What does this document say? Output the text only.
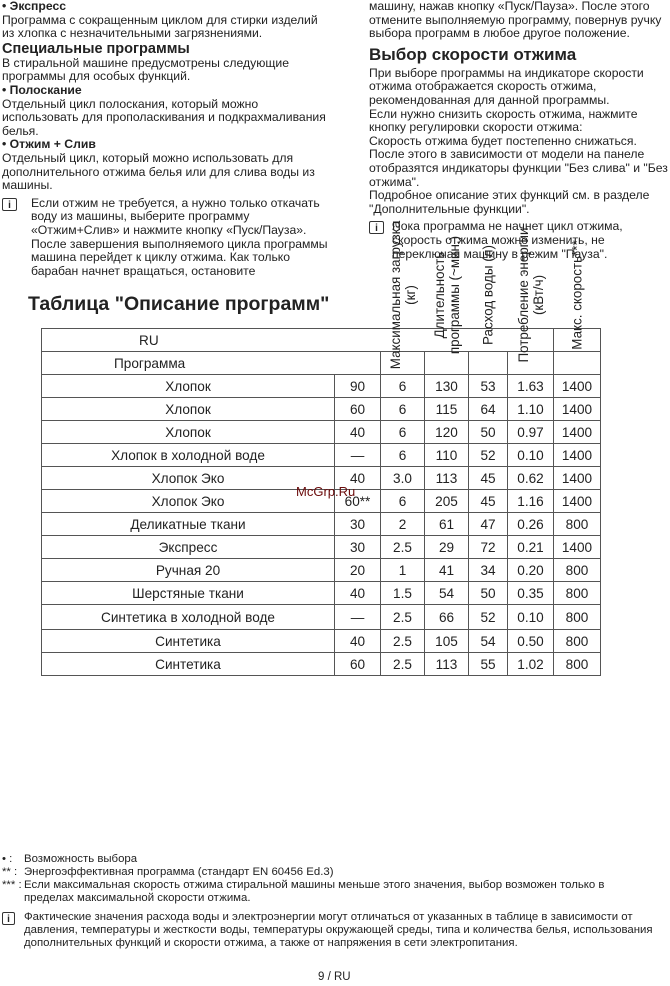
• Экспресс

Программа с сокращенным циклом для стирки изделий из хлопка с незначительными загрязнениями.

Специальные программы

В стиральной машине предусмотрены следующие программы для особых функций.

• Полоскание

Отдельный цикл полоскания, который можно использовать для прополаскивания и подкрахмаливания белья.

• Отжим + Слив

Отдельный цикл, который можно использовать для дополнительного отжима белья или для слива воды из машины.

i	Если отжим не требуется, а нужно только откачать воду из машины, выберите программу «Отжим+Слив» и нажмите кнопку «Пуск/Пауза». После завершения выполняемого цикла программы машина перейдет к циклу отжима. Как только барабан начнет вращаться, остановите

машину, нажав кнопку «Пуск/Пауза». После этого отмените выполняемую программу, повернув ручку выбора программ в любое другое положение.

Выбор скорости отжима

При выборе программы на индикаторе скорости отжима отображается скорость отжима, рекомендованная для данной программы.

Если нужно снизить скорость отжима, нажмите кнопку регулировки скорости отжима:

Скорость отжима будет постепенно снижаться. После этого в зависимости от модели на панеле отобразятся индикаторы функции "Без слива" и "Без отжима".

Подробное описание этих функций см. в разделе "Дополнительные функции".

i	Пока программа не начнет цикл отжима, скорость отжима можно изменить, не переключая машину в режим "Пауза".

Таблица "Описание программ"
RU						
Программа		Максимальная загрузка (кг)	Длительность программы (~мин.)	Расход воды (л)	Потребление энергии (кВт/ч)	Макс. скорость***

Хлопок	90	6	130	53	1.63	1400
Хлопок	60	6	115	64	1.10	1400
Хлопок	40	6	120	50	0.97	1400
Хлопок в холодной воде	—	6	110	52	0.10	1400
Хлопок Эко	40	3.0	113	45	0.62	1400
Хлопок Эко	60**	6	205	45	1.16	1400
Деликатные ткани	30	2	61	47	0.26	800
Экспресс	30	2.5	29	72	0.21	1400
Ручная 20	20	1	41	34	0.20	800
Шерстяные ткани	40	1.5	54	50	0.35	800
Синтетика в холодной воде	—	2.5	66	52	0.10	800
Синтетика	40	2.5	105	54	0.50	800
Синтетика	60	2.5	113	55	1.02	800
McGrp.Ru
• :	Возможность выбора
** : Энергоэффективная программа (стандарт EN 60456 Ed.3)
*** : Если максимальная скорость отжима стиральной машины меньше этого значения, выбор возможен только в пределах максимальной скорости отжима.
i	Фактические значения расхода воды и электроэнергии могут отличаться от указанных в таблице в зависимости от давления, температуры и жесткости воды, температуры окружающей среды, типа и количества белья, использования дополнительных функций и скорости отжима, а также от напряжения в сети электропитания.
9 / RU
